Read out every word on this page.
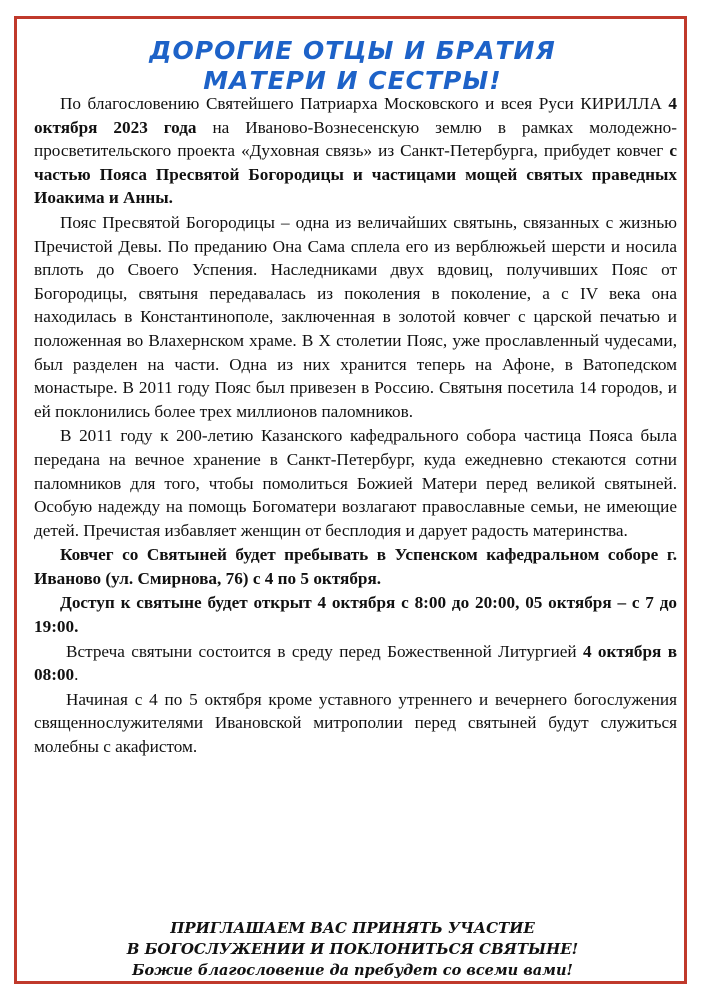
ДОРОГИЕ ОТЦЫ И БРАТИЯ
МАТЕРИ И СЕСТРЫ!

По благословению Святейшего Патриарха Московского и всея Руси КИРИЛЛА 4 октября 2023 года на Иваново-Вознесенскую землю в рамках молодежно-просветительского проекта «Духовная связь» из Санкт-Петербурга, прибудет ковчег с частью Пояса Пресвятой Богородицы и частицами мощей святых праведных Иоакима и Анны.

Пояс Пресвятой Богородицы – одна из величайших святынь, связанных с жизнью Пречистой Девы. По преданию Она Сама сплела его из верблюжьей шерсти и носила вплоть до Своего Успения. Наследниками двух вдовиц, получивших Пояс от Богородицы, святыня передавалась из поколения в поколение, а с IV века она находилась в Константинополе, заключенная в золотой ковчег с царской печатью и положенная во Влахернском храме. В X столетии Пояс, уже прославленный чудесами, был разделен на части. Одна из них хранится теперь на Афоне, в Ватопедском монастыре. В 2011 году Пояс был привезен в Россию. Святыня посетила 14 городов, и ей поклонились более трех миллионов паломников.

В 2011 году к 200-летию Казанского кафедрального собора частица Пояса была передана на вечное хранение в Санкт-Петербург, куда ежедневно стекаются сотни паломников для того, чтобы помолиться Божией Матери перед великой святыней. Особую надежду на помощь Богоматери возлагают православные семьи, не имеющие детей. Пречистая избавляет женщин от бесплодия и дарует радость материнства.

Ковчег со Святыней будет пребывать в Успенском кафедральном соборе г. Иваново (ул. Смирнова, 76) с 4 по 5 октября.

Доступ к святыне будет открыт 4 октября с 8:00 до 20:00, 05 октября – с 7 до 19:00.

Встреча святыни состоится в среду перед Божественной Литургией 4 октября в 08:00.

Начиная с 4 по 5 октября кроме уставного утреннего и вечернего богослужения священнослужителями Ивановской митрополии перед святыней будут служиться молебны с акафистом.

ПРИГЛАШАЕМ ВАС ПРИНЯТЬ УЧАСТИЕ
В БОГОСЛУЖЕНИИ И ПОКЛОНИТЬСЯ СВЯТЫНЕ!
Божие благословение да пребудет со всеми вами!
